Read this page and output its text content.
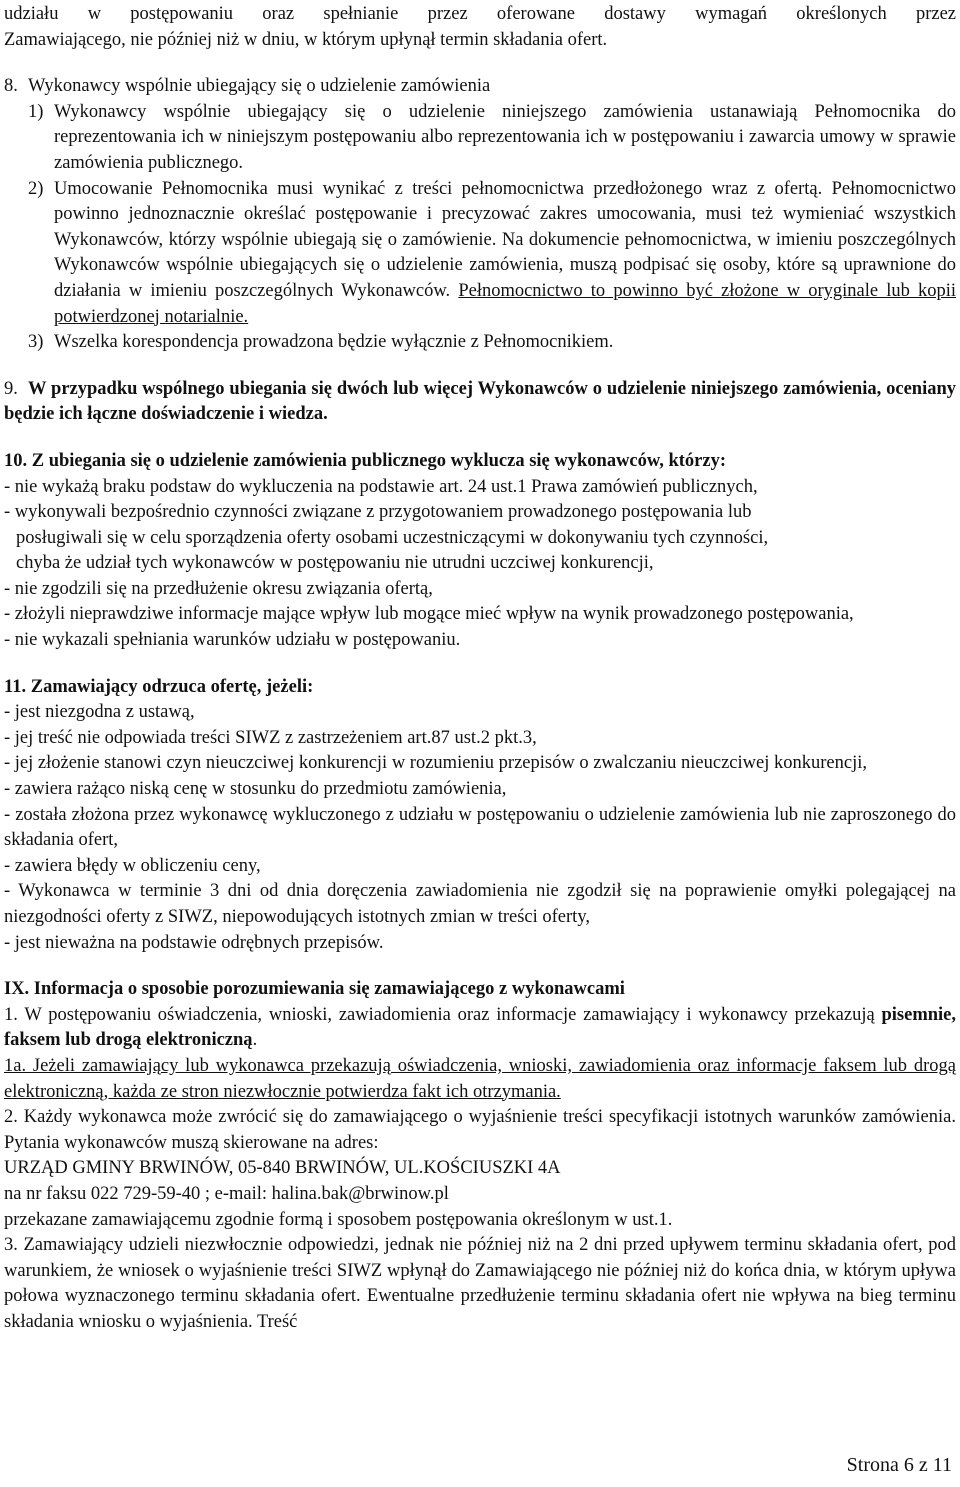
udziału w postępowaniu oraz spełnianie przez oferowane dostawy wymagań określonych przez

Zamawiającego, nie później niż w dniu, w którym upłynął termin składania ofert.

8. Wykonawcy wspólnie ubiegający się o udzielenie zamówienia

1) Wykonawcy wspólnie ubiegający się o udzielenie niniejszego zamówienia ustanawiają Pełnomocnika do reprezentowania ich w niniejszym postępowaniu albo reprezentowania ich w postępowaniu i zawarcia umowy w sprawie zamówienia publicznego.
2) Umocowanie Pełnomocnika musi wynikać z treści pełnomocnictwa przedłożonego wraz z ofertą. Pełnomocnictwo powinno jednoznacznie określać postępowanie i precyzować zakres umocowania, musi też wymieniać wszystkich Wykonawców, którzy wspólnie ubiegają się o zamówienie. Na dokumencie pełnomocnictwa, w imieniu poszczególnych Wykonawców wspólnie ubiegających się o udzielenie zamówienia, muszą podpisać się osoby, które są uprawnione do działania w imieniu poszczególnych Wykonawców. Pełnomocnictwo to powinno być złożone w oryginale lub kopii potwierdzonej notarialnie.
3) Wszelka korespondencja prowadzona będzie wyłącznie z Pełnomocnikiem.

9. W przypadku wspólnego ubiegania się dwóch lub więcej Wykonawców o udzielenie niniejszego zamówienia, oceniany będzie ich łączne doświadczenie i wiedza.

10. Z ubiegania się o udzielenie zamówienia publicznego wyklucza się wykonawców, którzy:

- nie wykażą braku podstaw do wykluczenia na podstawie art. 24 ust.1 Prawa zamówień publicznych,

- wykonywali bezpośrednio czynności związane z przygotowaniem prowadzonego postępowania lub

posługiwali się w celu sporządzenia oferty osobami uczestniczącymi w dokonywaniu tych czynności,

chyba że udział tych wykonawców w postępowaniu nie utrudni uczciwej konkurencji,

- nie zgodzili się na przedłużenie okresu związania ofertą,

- złożyli nieprawdziwe informacje mające wpływ lub mogące mieć wpływ na wynik prowadzonego postępowania,

- nie wykazali spełniania warunków udziału w postępowaniu.

11. Zamawiający odrzuca ofertę, jeżeli:

- jest niezgodna z ustawą,

- jej treść nie odpowiada treści SIWZ z zastrzeżeniem art.87 ust.2 pkt.3,

- jej złożenie stanowi czyn nieuczciwej konkurencji w rozumieniu przepisów o zwalczaniu nieuczciwej konkurencji,

- zawiera rażąco niską cenę w stosunku do przedmiotu zamówienia,

- została złożona przez wykonawcę wykluczonego z udziału w postępowaniu o udzielenie zamówienia lub nie zaproszonego do składania ofert,

- zawiera błędy w obliczeniu ceny,

- Wykonawca w terminie 3 dni od dnia doręczenia zawiadomienia nie zgodził się na poprawienie omyłki polegającej na niezgodności oferty z SIWZ, niepowodujących istotnych zmian w treści oferty,

- jest nieważna na podstawie odrębnych przepisów.

IX. Informacja o sposobie porozumiewania się zamawiającego z wykonawcami

1. W postępowaniu oświadczenia, wnioski, zawiadomienia oraz informacje zamawiający i wykonawcy przekazują pisemnie, faksem lub drogą elektroniczną.

1a. Jeżeli zamawiający lub wykonawca przekazują oświadczenia, wnioski, zawiadomienia oraz informacje faksem lub drogą elektroniczną, każda ze stron niezwłocznie potwierdza fakt ich otrzymania.

2. Każdy wykonawca może zwrócić się do zamawiającego o wyjaśnienie treści specyfikacji istotnych warunków zamówienia. Pytania wykonawców muszą skierowane na adres:

URZĄD GMINY BRWINÓW, 05-840 BRWINÓW, UL.KOŚCIUSZKI 4A

na nr faksu 022 729-59-40 ; e-mail: halina.bak@brwinow.pl

przekazane zamawiającemu zgodnie formą i sposobem postępowania określonym w ust.1.

3. Zamawiający udzieli niezwłocznie odpowiedzi, jednak nie później niż na 2 dni przed upływem terminu składania ofert, pod warunkiem, że wniosek o wyjaśnienie treści SIWZ wpłynął do Zamawiającego nie później niż do końca dnia, w którym upływa połowa wyznaczonego terminu składania ofert. Ewentualne przedłużenie terminu składania ofert nie wpływa na bieg terminu składania wniosku o wyjaśnienia. Treść

Strona 6 z 11
